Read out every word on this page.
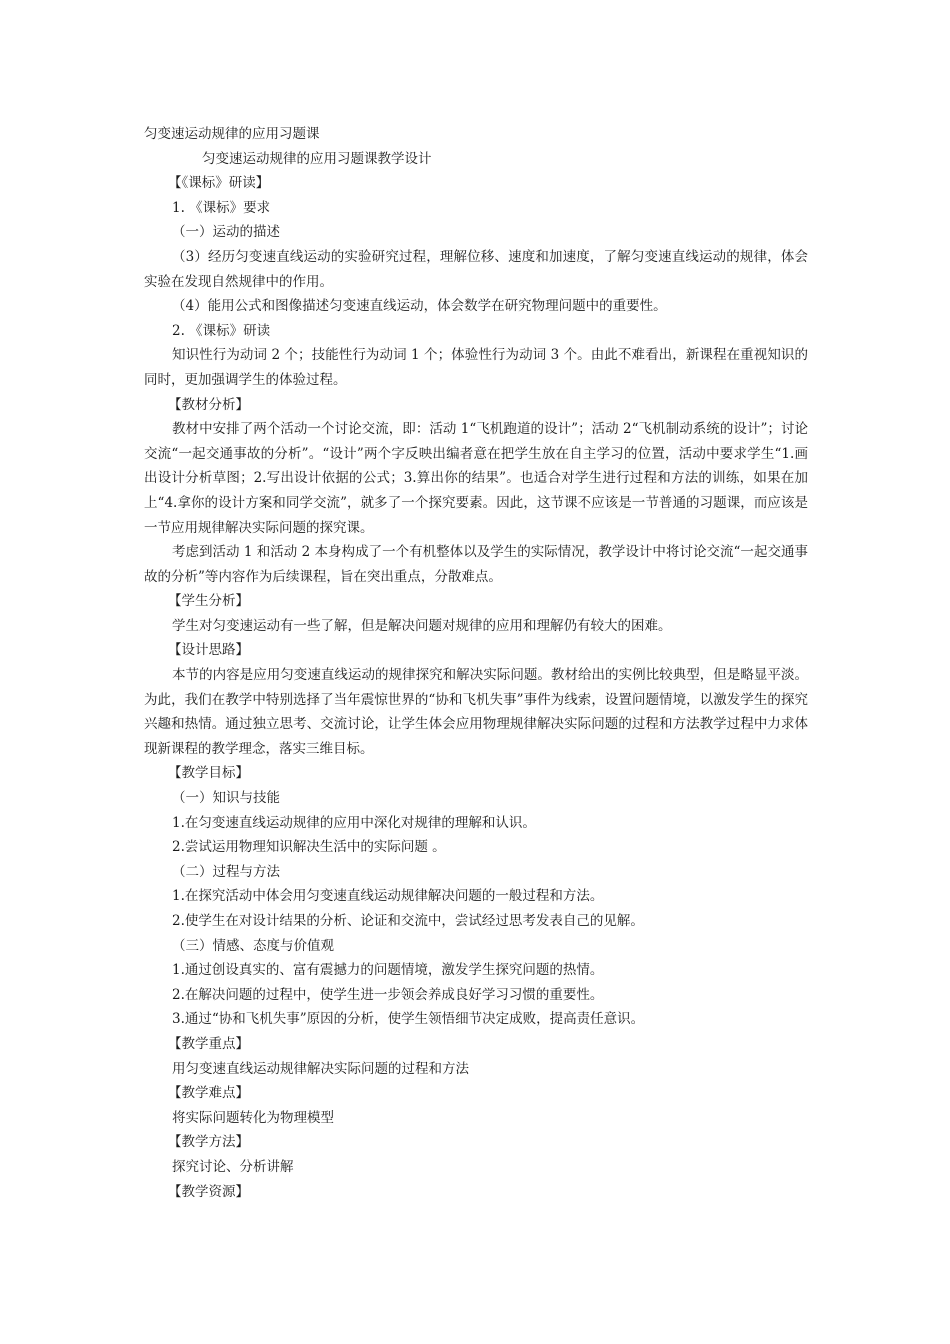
匀变速运动规律的应用习题课

匀变速运动规律的应用习题课教学设计

【《课标》研读】

1. 《课标》要求

（一）运动的描述

（3）经历匀变速直线运动的实验研究过程，理解位移、速度和加速度，了解匀变速直线运动的规律，体会实验在发现自然规律中的作用。

（4）能用公式和图像描述匀变速直线运动，体会数学在研究物理问题中的重要性。

2. 《课标》研读

知识性行为动词 2 个；技能性行为动词 1 个；体验性行为动词 3 个。由此不难看出，新课程在重视知识的同时，更加强调学生的体验过程。

【教材分析】

教材中安排了两个活动一个讨论交流，即：活动 1“飞机跑道的设计”；活动 2“飞机制动系统的设计”；讨论交流“一起交通事故的分析”。“设计”两个字反映出编者意在把学生放在自主学习的位置，活动中要求学生“1.画出设计分析草图；2.写出设计依据的公式；3.算出你的结果”。也适合对学生进行过程和方法的训练，如果在加上“4.拿你的设计方案和同学交流”，就多了一个探究要素。因此，这节课不应该是一节普通的习题课，而应该是一节应用规律解决实际问题的探究课。

考虑到活动 1 和活动 2 本身构成了一个有机整体以及学生的实际情况，教学设计中将讨论交流“一起交通事故的分析”等内容作为后续课程，旨在突出重点，分散难点。

【学生分析】

学生对匀变速运动有一些了解，但是解决问题对规律的应用和理解仍有较大的困难。

【设计思路】

本节的内容是应用匀变速直线运动的规律探究和解决实际问题。教材给出的实例比较典型，但是略显平淡。为此，我们在教学中特别选择了当年震惊世界的“协和飞机失事”事件为线索，设置问题情境，以激发学生的探究兴趣和热情。通过独立思考、交流讨论，让学生体会应用物理规律解决实际问题的过程和方法教学过程中力求体现新课程的教学理念，落实三维目标。

【教学目标】

（一）知识与技能

1.在匀变速直线运动规律的应用中深化对规律的理解和认识。

2.尝试运用物理知识解决生活中的实际问题 。

（二）过程与方法

1.在探究活动中体会用匀变速直线运动规律解决问题的一般过程和方法。

2.使学生在对设计结果的分析、论证和交流中，尝试经过思考发表自己的见解。

（三）情感、态度与价值观

1.通过创设真实的、富有震撼力的问题情境，激发学生探究问题的热情。

2.在解决问题的过程中，使学生进一步领会养成良好学习习惯的重要性。

3.通过“协和飞机失事”原因的分析，使学生领悟细节决定成败，提高责任意识。

【教学重点】

用匀变速直线运动规律解决实际问题的过程和方法

【教学难点】

将实际问题转化为物理模型

【教学方法】

探究讨论、分析讲解

【教学资源】
